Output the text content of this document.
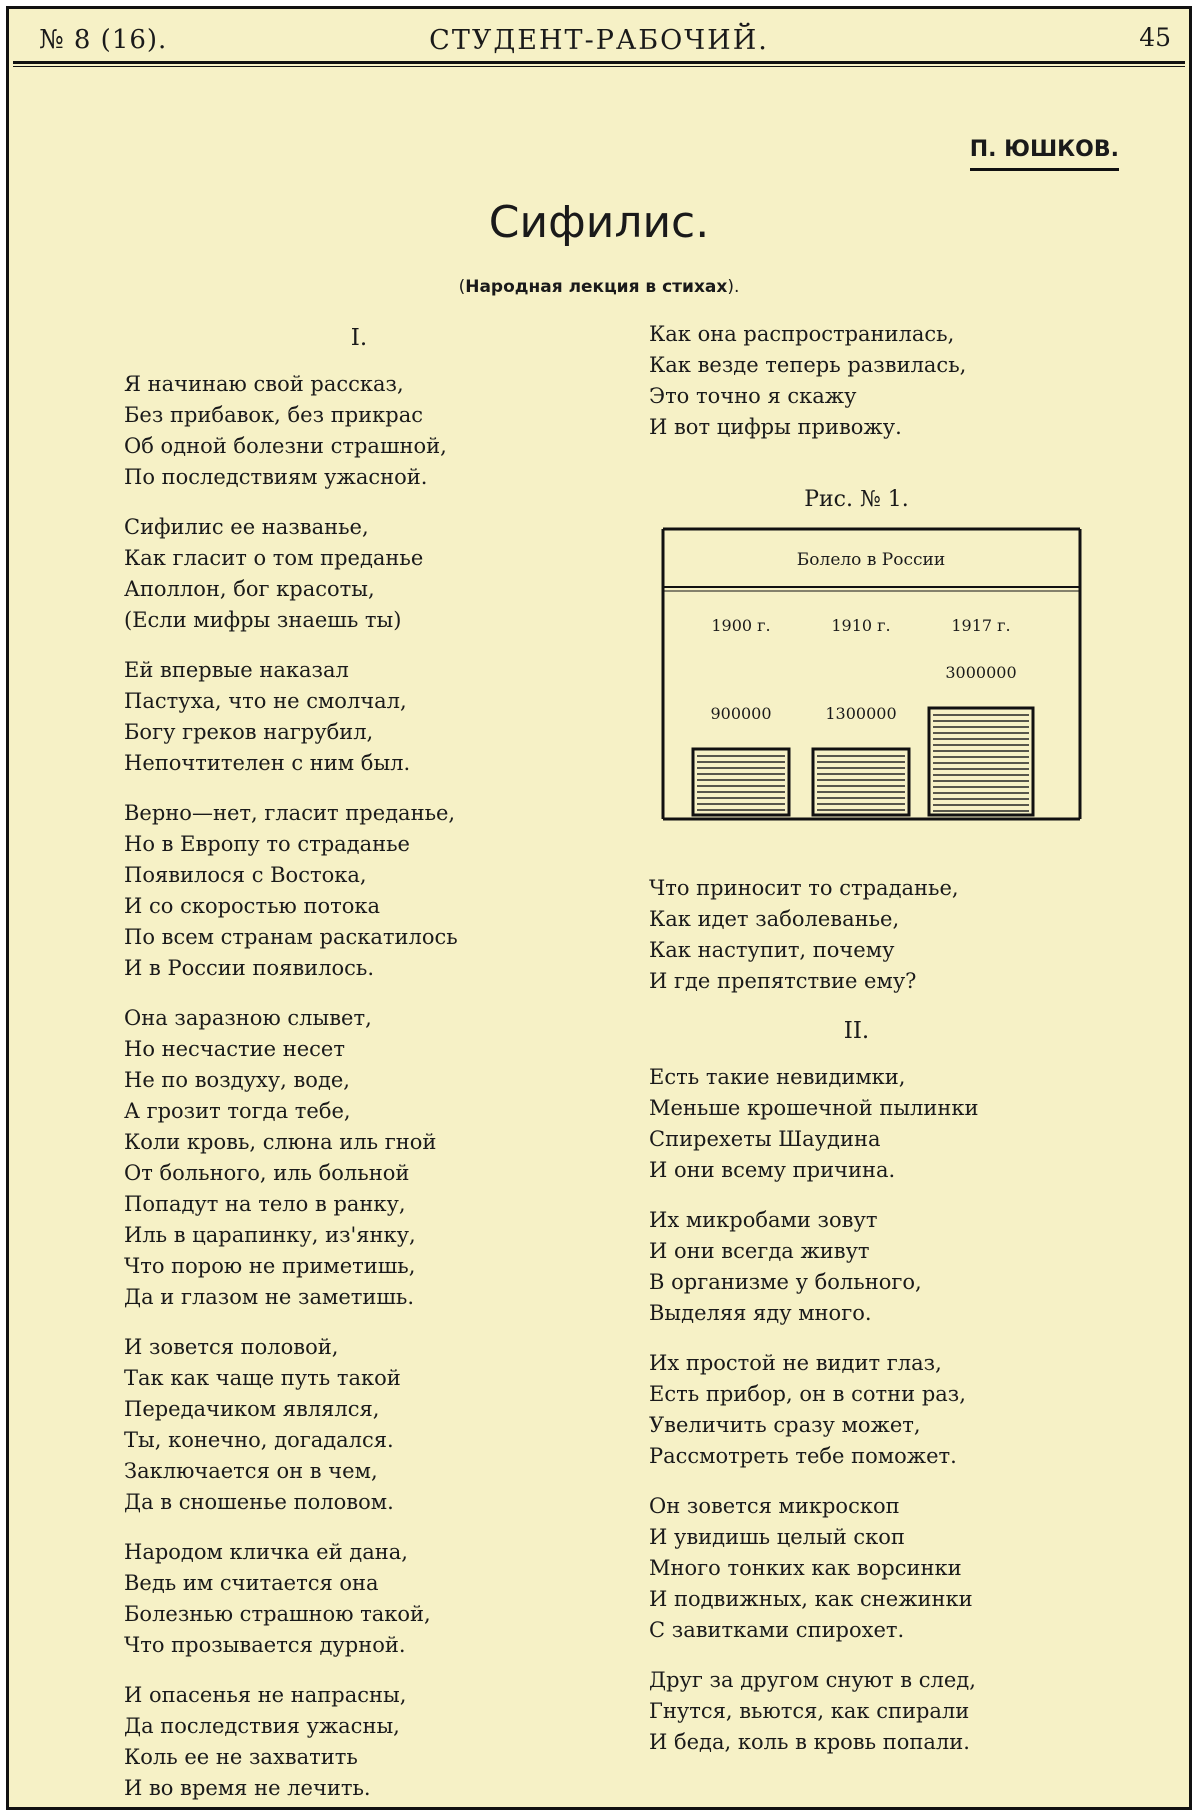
№ 8 (16).	СТУДЕНТ-РАБОЧИЙ.	45
П. ЮШКОВ.
Сифилис.
(Народная лекция в стихах).
I.
Я начинаю свой рассказ,
Без прибавок, без прикрас
Об одной болезни страшной,
По последствиям ужасной.
Сифилис ее названье,
Как гласит о том преданье
Аполлон, бог красоты,
(Если мифры знаешь ты)
Ей впервые наказал
Пастуха, что не смолчал,
Богу греков нагрубил,
Непочтителен с ним был.
Верно—нет, гласит преданье,
Но в Европу то страданье
Появилося с Востока,
И со скоростью потока
По всем странам раскатилось
И в России появилось.
Она заразною слывет,
Но несчастие несет
Не по воздуху, воде,
А грозит тогда тебе,
Коли кровь, слюна иль гной
От больного, иль больной
Попадут на тело в ранку,
Иль в царапинку, из'янку,
Что порою не приметишь,
Да и глазом не заметишь.
И зовется половой,
Так как чаще путь такой
Передачиком являлся,
Ты, конечно, догадался.
Заключается он в чем,
Да в сношенье половом.
Народом кличка ей дана,
Ведь им считается она
Болезнью страшною такой,
Что прозывается дурной.
И опасенья не напрасны,
Да последствия ужасны,
Коль ее не захватить
И во время не лечить.
Как она распространилась,
Как везде теперь развилась,
Это точно я скажу
И вот цифры привожу.
Что приносит то страданье,
Как идет заболеванье,
Как наступит, почему
И где препятствие ему?
II.
Есть такие невидимки,
Меньше крошечной пылинки
Спирехеты Шаудина
И они всему причина.
Их микробами зовут
И они всегда живут
В организме у больного,
Выделяя яду много.
Их простой не видит глаз,
Есть прибор, он в сотни раз,
Увеличить сразу может,
Рассмотреть тебе поможет.
Он зовется микроскоп
И увидишь целый скоп
Много тонких как ворсинки
И подвижных, как снежинки
С завитками спирохет.
Друг за другом снуют в след,
Гнутся, вьются, как спирали
И беда, коль в кровь попали.
Рис. № 1.
Болело в России
1900 г.
900000
1910 г.
1300000
1917 г.
3000000
